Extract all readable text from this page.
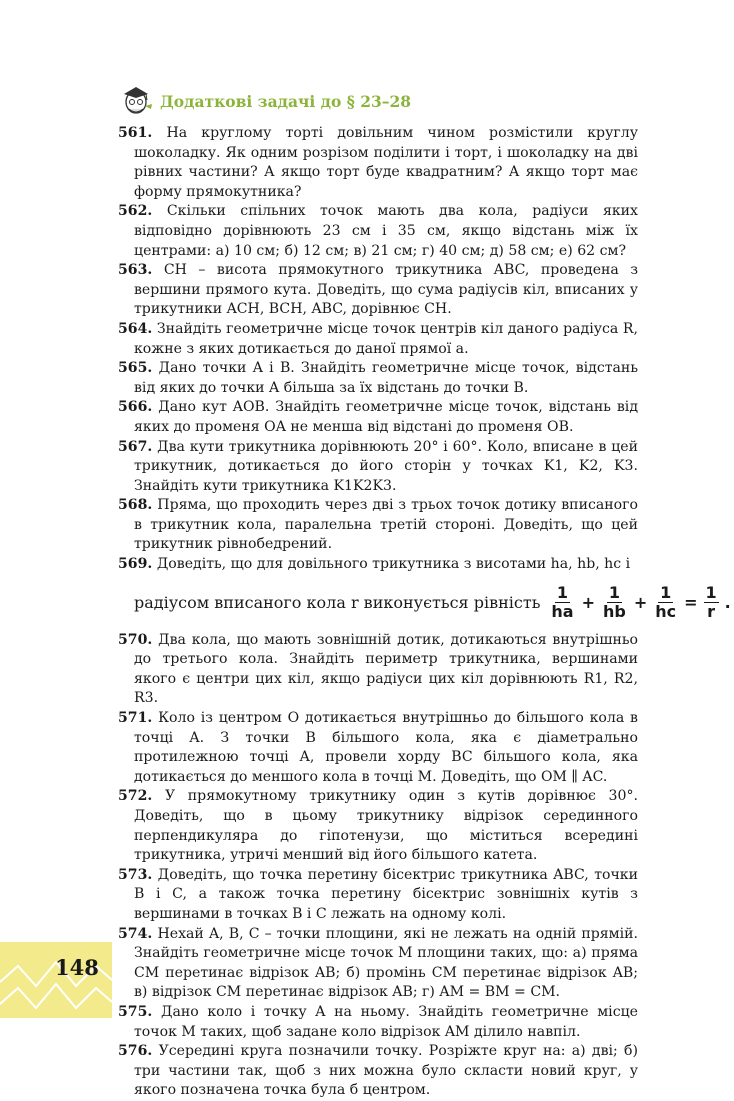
Додаткові задачі до § 23–28
561. На круглому торті довільним чином розмістили круглу шоколадку. Як одним розрізом поділити і торт, і шоколадку на дві рівних частини? А якщо торт буде квадратним? А якщо торт має форму прямокутника?
562. Скільки спільних точок мають два кола, радіуси яких відповідно дорівнюють 23 см і 35 см, якщо відстань між їх центрами: а) 10 см; б) 12 см; в) 21 см; г) 40 см; д) 58 см; е) 62 см?
563. CH – висота прямокутного трикутника ABC, проведена з вершини прямого кута. Доведіть, що сума радіусів кіл, вписаних у трикутники ACH, BCH, ABC, дорівнює CH.
564. Знайдіть геометричне місце точок центрів кіл даного радіуса R, кожне з яких дотикається до даної прямої a.
565. Дано точки A і B. Знайдіть геометричне місце точок, відстань від яких до точки A більша за їх відстань до точки B.
566. Дано кут AOB. Знайдіть геометричне місце точок, відстань від яких до променя OA не менша від відстані до променя OB.
567. Два кути трикутника дорівнюють 20° і 60°. Коло, вписане в цей трикутник, дотикається до його сторін у точках K1, K2, K3. Знайдіть кути трикутника K1K2K3.
568. Пряма, що проходить через дві з трьох точок дотику вписаного в трикутник кола, паралельна третій стороні. Доведіть, що цей трикутник рівнобедрений.
569. Доведіть, що для довільного трикутника з висотами ha, hb, hc і
радіусом вписаного кола r виконується рівність $\frac{1}{ha} + \frac{1}{hb} + \frac{1}{hc} = \frac{1}{r}$ .
570. Два кола, що мають зовнішній дотик, дотикаються внутрішньо до третього кола. Знайдіть периметр трикутника, вершинами якого є центри цих кіл, якщо радіуси цих кіл дорівнюють R1, R2, R3.
571. Коло із центром O дотикається внутрішньо до більшого кола в точці A. З точки B більшого кола, яка є діаметрально протилежною точці A, провели хорду BC більшого кола, яка дотикається до меншого кола в точці M. Доведіть, що OM ∥ AC.
572. У прямокутному трикутнику один з кутів дорівнює 30°. Доведіть, що в цьому трикутнику відрізок серединного перпендикуляра до гіпотенузи, що міститься всередині трикутника, утричі менший від його більшого катета.
573. Доведіть, що точка перетину бісектрис трикутника ABC, точки B і C, а також точка перетину бісектрис зовнішніх кутів з вершинами в точках B і C лежать на одному колі.
574. Нехай A, B, C – точки площини, які не лежать на одній прямій. Знайдіть геометричне місце точок M площини таких, що: а) пряма CM перетинає відрізок AB; б) промінь CM перетинає відрізок AB; в) відрізок CM перетинає відрізок AB; г) AM = BM = CM.
575. Дано коло і точку A на ньому. Знайдіть геометричне місце точок M таких, щоб задане коло відрізок AM ділило навпіл.
576. Усередині круга позначили точку. Розріжте круг на: а) дві; б) три частини так, щоб з них можна було скласти новий круг, у якого позначена точка була б центром.
148
